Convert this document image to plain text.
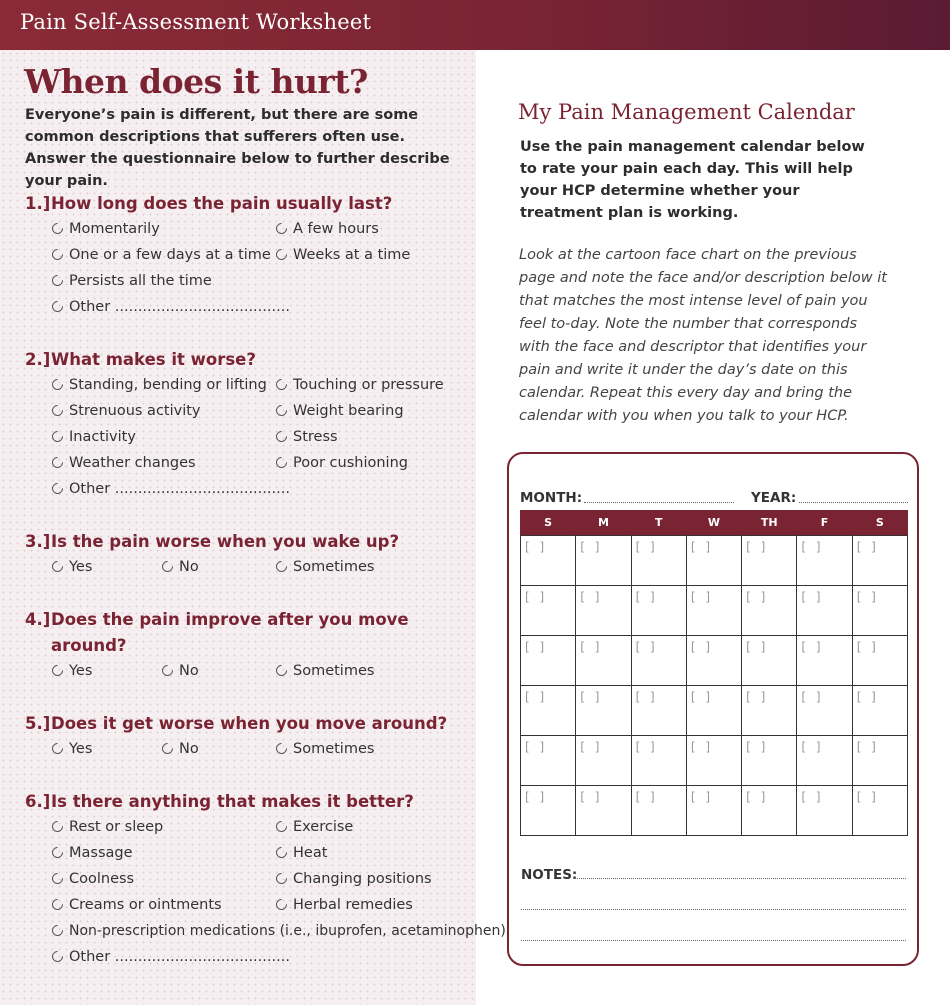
Pain Self-Assessment Worksheet
When does it hurt?
Everyone’s pain is different, but there are some common descriptions that sufferers often use. Answer the questionnaire below to further describe your pain.
1.]How long does the pain usually last?
Momentarily	A few hours
One or a few days at a time	Weeks at a time
Persists all the time
Other ......................................
2.]What makes it worse?
Standing, bending or lifting	Touching or pressure
Strenuous activity	Weight bearing
Inactivity	Stress
Weather changes	Poor cushioning
Other ......................................
3.]Is the pain worse when you wake up?
Yes	No	Sometimes
4.]Does the pain improve after you move
around?
Yes	No	Sometimes
5.]Does it get worse when you move around?
Yes	No	Sometimes
6.]Is there anything that makes it better?
Rest or sleep	Exercise
Massage	Heat
Coolness	Changing positions
Creams or ointments	Herbal remedies
Non-prescription medications (i.e., ibuprofen, acetaminophen)
Other ......................................
My Pain Management Calendar
Use the pain management calendar below to rate your pain each day. This will help your HCP determine whether your treatment plan is working.
Look at the cartoon face chart on the previous page and note the face and/or description below it that matches the most intense level of pain you feel to-day. Note the number that corresponds with the face and descriptor that identifies your pain and write it under the day’s date on this calendar. Repeat this every day and bring the calendar with you when you talk to your HCP.
MONTH:	YEAR:
S	M	T	W	TH	F	S
[ ]	[ ]	[ ]	[ ]	[ ]	[ ]	[ ]
[ ]	[ ]	[ ]	[ ]	[ ]	[ ]	[ ]
[ ]	[ ]	[ ]	[ ]	[ ]	[ ]	[ ]
[ ]	[ ]	[ ]	[ ]	[ ]	[ ]	[ ]
[ ]	[ ]	[ ]	[ ]	[ ]	[ ]	[ ]
[ ]	[ ]	[ ]	[ ]	[ ]	[ ]	[ ]
NOTES:
